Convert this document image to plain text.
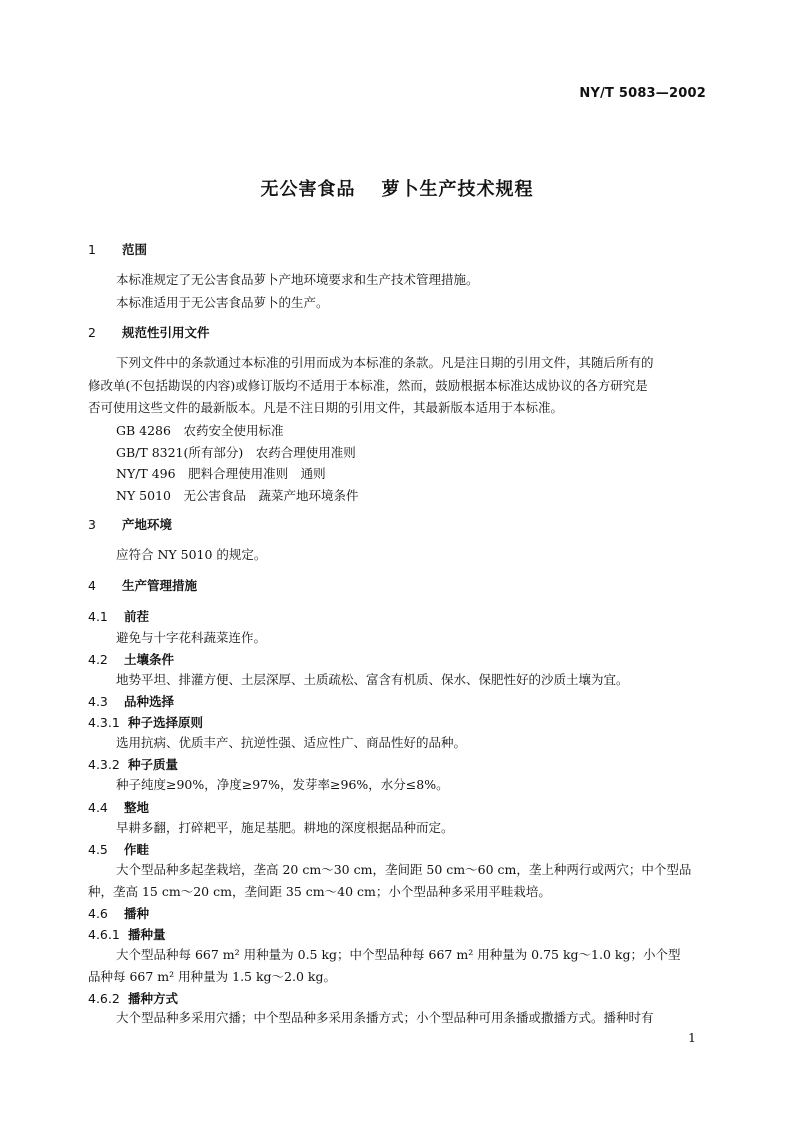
NY/T 5083—2002
无公害食品 萝卜生产技术规程
1 范围
本标准规定了无公害食品萝卜产地环境要求和生产技术管理措施。
本标准适用于无公害食品萝卜的生产。
2 规范性引用文件
下列文件中的条款通过本标准的引用而成为本标准的条款。凡是注日期的引用文件，其随后所有的
修改单(不包括勘误的内容)或修订版均不适用于本标准，然而，鼓励根据本标准达成协议的各方研究是
否可使用这些文件的最新版本。凡是不注日期的引用文件，其最新版本适用于本标准。
GB 4286　农药安全使用标准
GB/T 8321(所有部分)　农药合理使用准则
NY/T 496　肥料合理使用准则　通则
NY 5010　无公害食品　蔬菜产地环境条件
3 产地环境
应符合 NY 5010 的规定。
4 生产管理措施
4.1 前茬
避免与十字花科蔬菜连作。
4.2 土壤条件
地势平坦、排灌方便、土层深厚、土质疏松、富含有机质、保水、保肥性好的沙质土壤为宜。
4.3 品种选择
4.3.1 种子选择原则
选用抗病、优质丰产、抗逆性强、适应性广、商品性好的品种。
4.3.2 种子质量
种子纯度≥90%，净度≥97%，发芽率≥96%，水分≤8%。
4.4 整地
早耕多翻，打碎耙平，施足基肥。耕地的深度根据品种而定。
4.5 作畦
大个型品种多起垄栽培，垄高 20 cm～30 cm，垄间距 50 cm～60 cm，垄上种两行或两穴；中个型品
种，垄高 15 cm～20 cm，垄间距 35 cm～40 cm；小个型品种多采用平畦栽培。
4.6 播种
4.6.1 播种量
大个型品种每 667 m² 用种量为 0.5 kg；中个型品种每 667 m² 用种量为 0.75 kg～1.0 kg；小个型
品种每 667 m² 用种量为 1.5 kg～2.0 kg。
4.6.2 播种方式
大个型品种多采用穴播；中个型品种多采用条播方式；小个型品种可用条播或撒播方式。播种时有
1
